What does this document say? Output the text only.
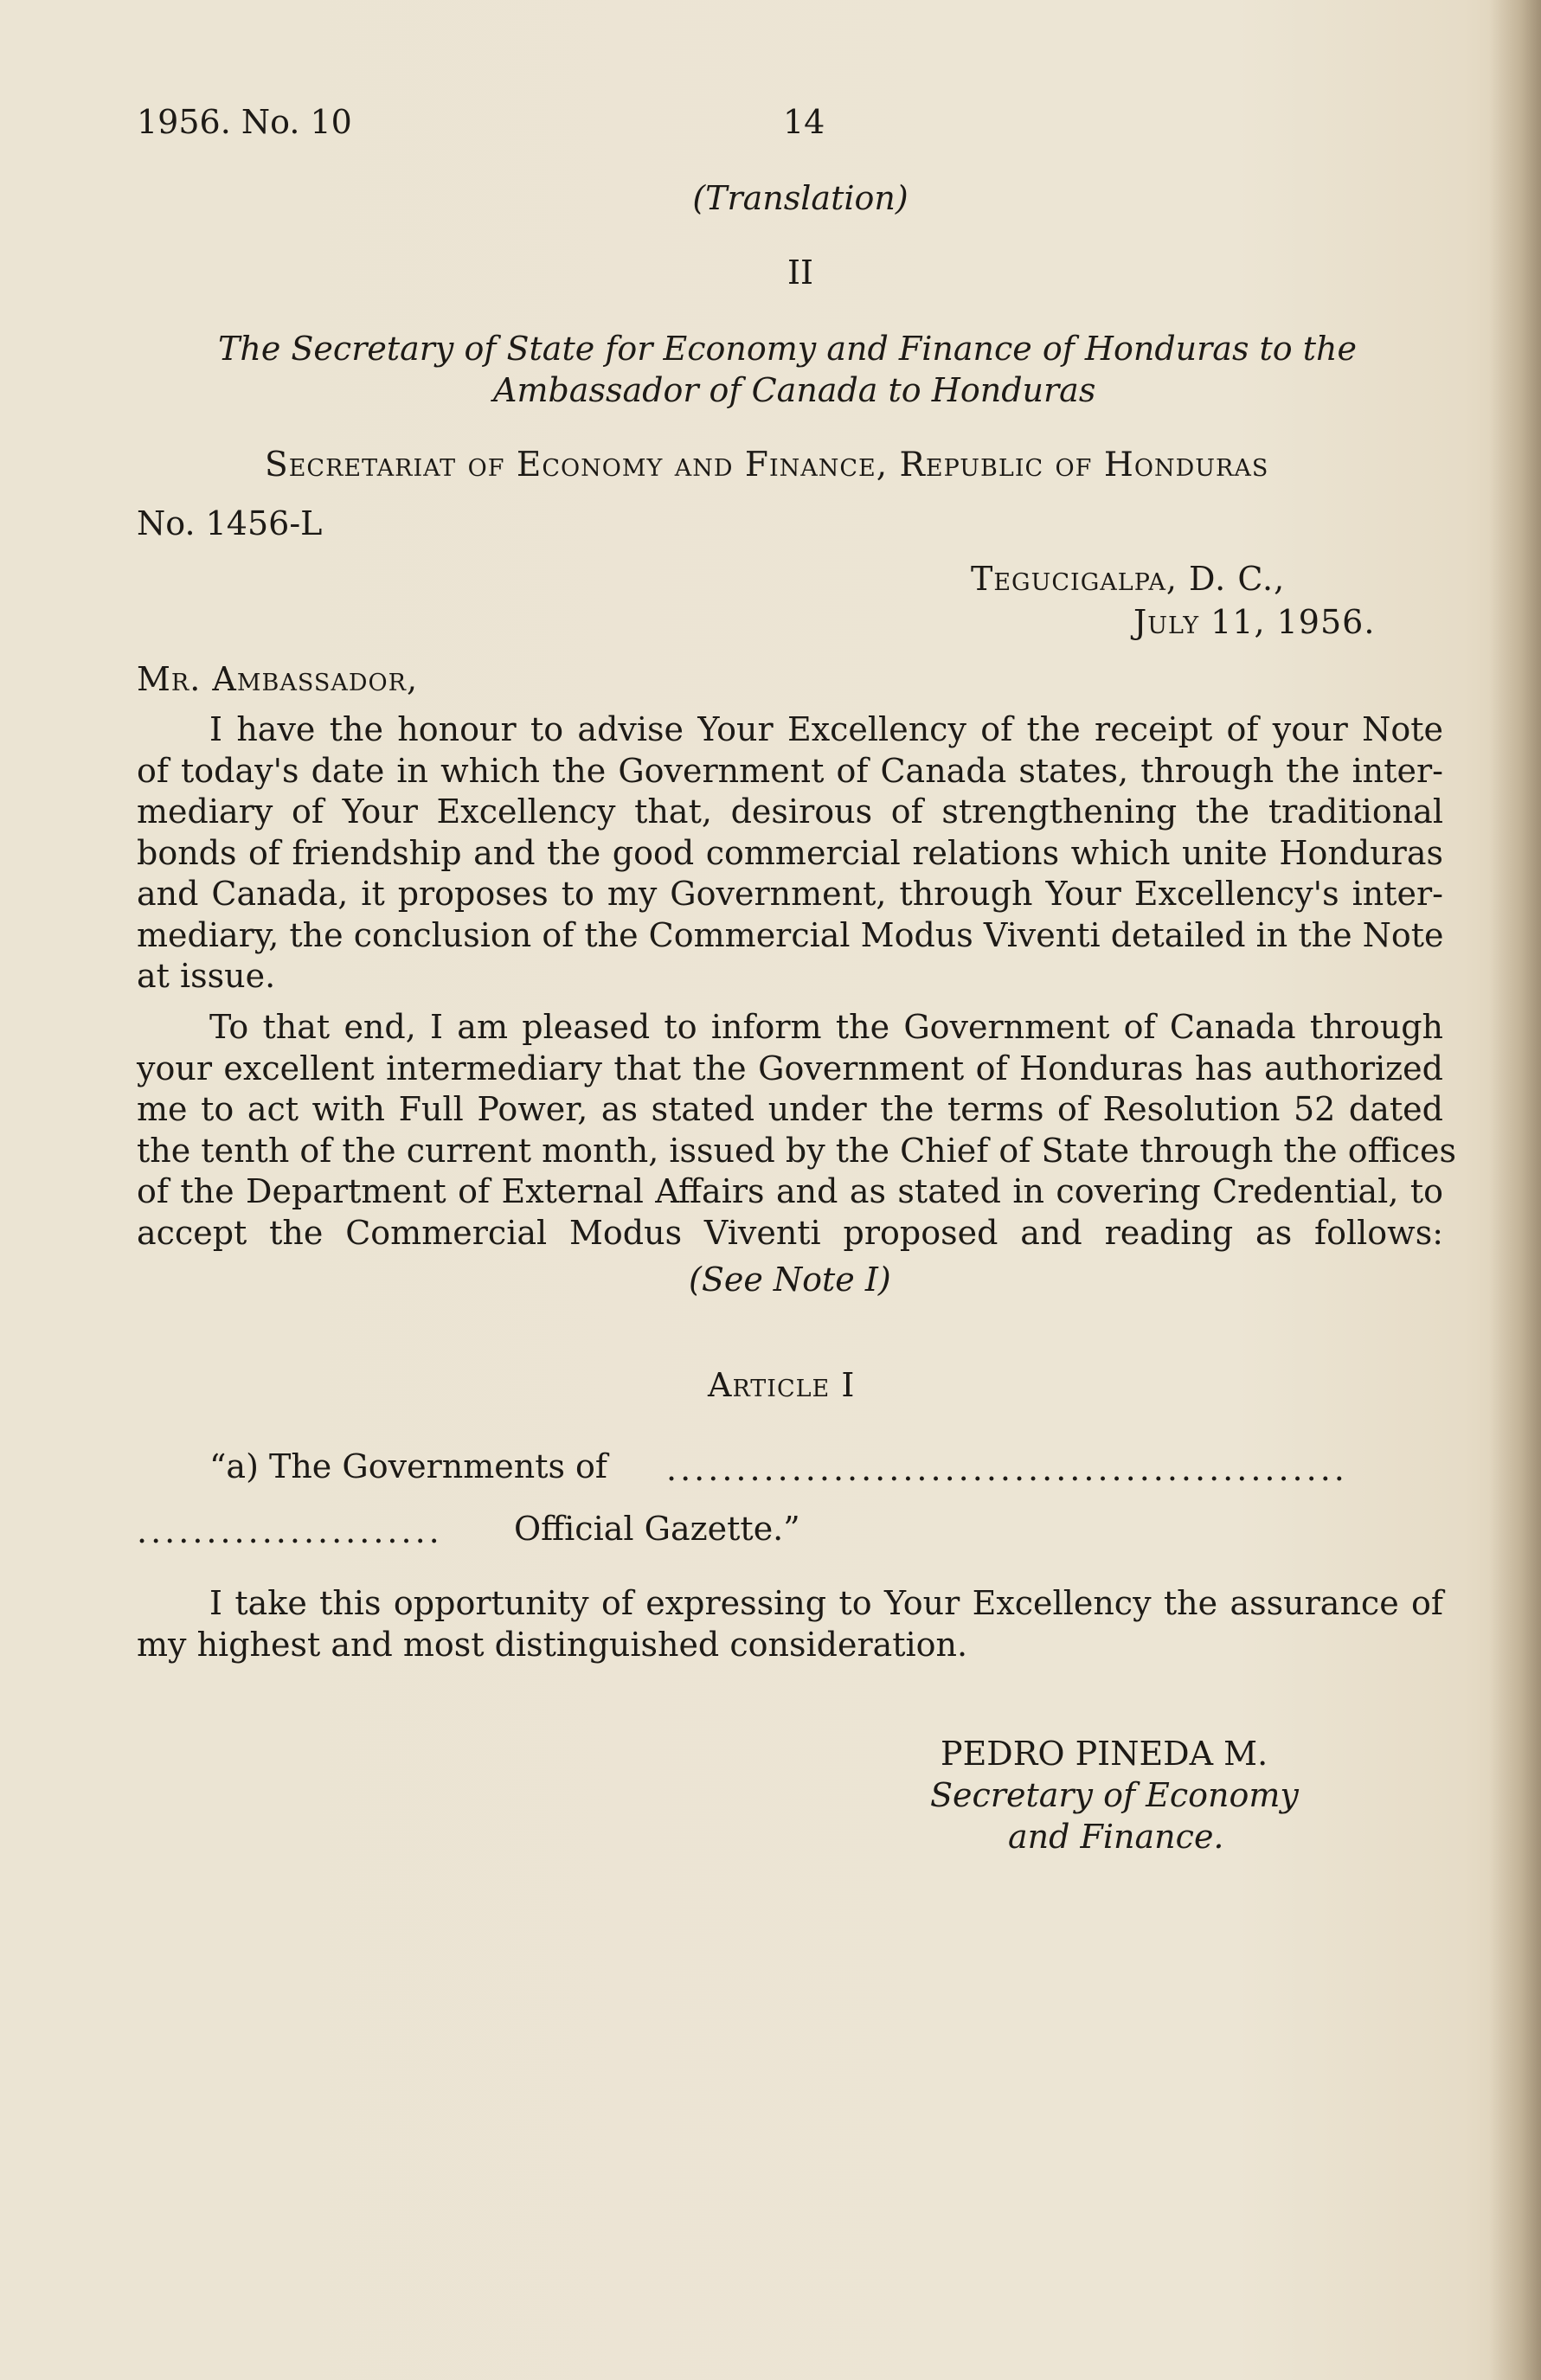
1956. No. 10	14
(Translation)
II
The Secretary of State for Economy and Finance of Honduras to the
Ambassador of Canada to Honduras
Secretariat of Economy and Finance, Republic of Honduras
No. 1456-L
Tegucigalpa, D. C.,
July 11, 1956.
Mr. Ambassador,
I have the honour to advise Your Excellency of the receipt of your Note
of today's date in which the Government of Canada states, through the inter-
mediary of Your Excellency that, desirous of strengthening the traditional
bonds of friendship and the good commercial relations which unite Honduras
and Canada, it proposes to my Government, through Your Excellency's inter-
mediary, the conclusion of the Commercial Modus Viventi detailed in the Note
at issue.
To that end, I am pleased to inform the Government of Canada through
your excellent intermediary that the Government of Honduras has authorized
me to act with Full Power, as stated under the terms of Resolution 52 dated
the tenth of the current month, issued by the Chief of State through the offices
of the Department of External Affairs and as stated in covering Credential, to
accept the Commercial Modus Viventi proposed and reading as follows:
(See Note I)
Article I
“a) The Governments of .................................................
...................... Official Gazette.”
I take this opportunity of expressing to Your Excellency the assurance of
my highest and most distinguished consideration.
PEDRO PINEDA M.
Secretary of Economy
and Finance.
